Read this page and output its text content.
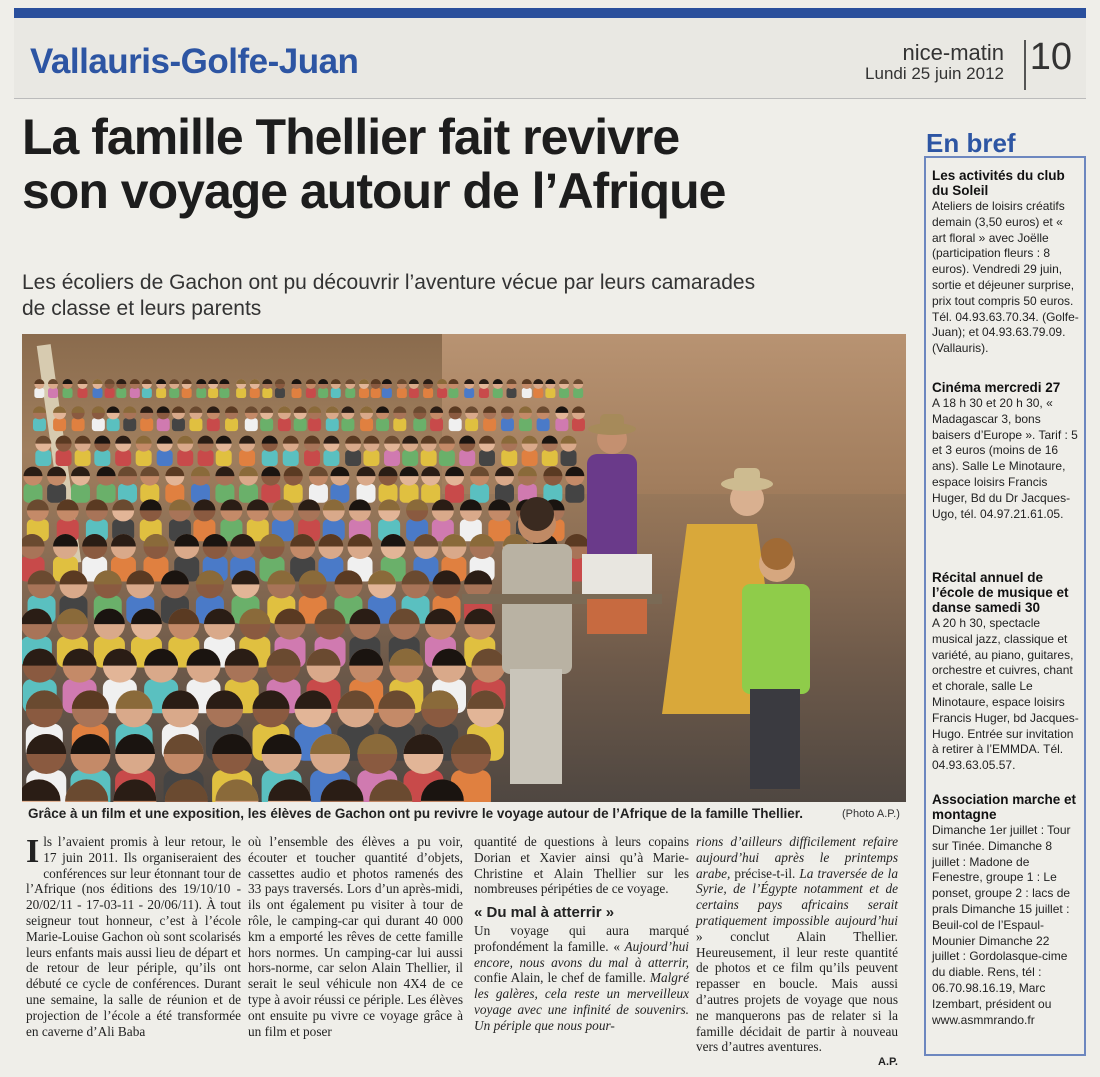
Vallauris-Golfe-Juan	nice-matin
Lundi 25 juin 2012 10
La famille Thellier fait revivre
son voyage autour de l’Afrique
Les écoliers de Gachon ont pu découvrir l’aventure vécue par leurs camarades
de classe et leurs parents
Grâce à un film et une exposition, les élèves de Gachon ont pu revivre le voyage autour de l’Afrique de la famille Thellier.	(Photo A.P.)

Ils l’avaient promis à leur retour, le 17 juin 2011. Ils organiseraient des conférences sur leur étonnant tour de l’Afrique (nos éditions des 19/10/10 - 20/02/11 - 17-03-11 - 20/06/11). À tout seigneur tout honneur, c’est à l’école Marie-Louise Gachon où sont scolarisés leurs enfants mais aussi lieu de départ et de retour de leur périple, qu’ils ont débuté ce cycle de conférences. Durant une semaine, la salle de réunion et de projection de l’école a été transformée en caverne d’Ali Baba

où l’ensemble des élèves a pu voir, écouter et toucher quantité d’objets, cassettes audio et photos ramenés des 33 pays traversés. Lors d’un après-midi, ils ont également pu visiter à tour de rôle, le camping-car qui durant 40 000 km a emporté les rêves de cette famille hors normes. Un camping-car lui aussi hors-norme, car selon Alain Thellier, il serait le seul véhicule non 4X4 de ce type à avoir réussi ce périple. Les élèves ont ensuite pu vivre ce voyage grâce à un film et poser

quantité de questions à leurs copains Dorian et Xavier ainsi qu’à Marie-Christine et Alain Thellier sur les nombreuses péripéties de ce voyage.

« Du mal à atterrir »

Un voyage qui aura marqué profondément la famille. « Aujourd’hui encore, nous avons du mal à atterrir, confie Alain, le chef de famille. Malgré les galères, cela reste un merveilleux voyage avec une infinité de souvenirs. Un périple que nous pour-

rions d’ailleurs difficilement refaire aujourd’hui après le printemps arabe, précise-t-il. La traversée de la Syrie, de l’Égypte notamment et de certains pays africains serait pratiquement impossible aujourd’hui » conclut Alain Thellier. Heureusement, il leur reste quantité de photos et ce film qu’ils peuvent repasser en boucle. Mais aussi d’autres projets de voyage que nous ne manquerons pas de relater si la famille décidait de partir à nouveau vers d’autres aventures.

A.P.
En bref
Les activités du club du Soleil

Ateliers de loisirs créatifs demain (3,50 euros) et « art floral » avec Joëlle (participation fleurs : 8 euros). Vendredi 29 juin, sortie et déjeuner surprise, prix tout compris 50 euros. Tél. 04.93.63.70.34. (Golfe-Juan); et 04.93.63.79.09. (Vallauris).

Cinéma mercredi 27

A 18 h 30 et 20 h 30, « Madagascar 3, bons baisers d’Europe ». Tarif : 5 et 3 euros (moins de 16 ans). Salle Le Minotaure, espace loisirs Francis Huger, Bd du Dr Jacques-Ugo, tél. 04.97.21.61.05.

Récital annuel de l’école de musique et danse samedi 30

A 20 h 30, spectacle musical jazz, classique et variété, au piano, guitares, orchestre et cuivres, chant et chorale, salle Le Minotaure, espace loisirs Francis Huger, bd Jacques-Hugo. Entrée sur invitation à retirer à l’EMMDA. Tél. 04.93.63.05.57.

Association marche et montagne

Dimanche 1er juillet : Tour sur Tinée. Dimanche 8 juillet : Madone de Fenestre, groupe 1 : Le ponset, groupe 2 : lacs de prals Dimanche 15 juillet : Beuil-col de l’Espaul-Mounier Dimanche 22 juillet : Gordolasque-cime du diable. Rens, tél : 06.70.98.16.19, Marc Izembart, président ou www.asmmrando.fr
